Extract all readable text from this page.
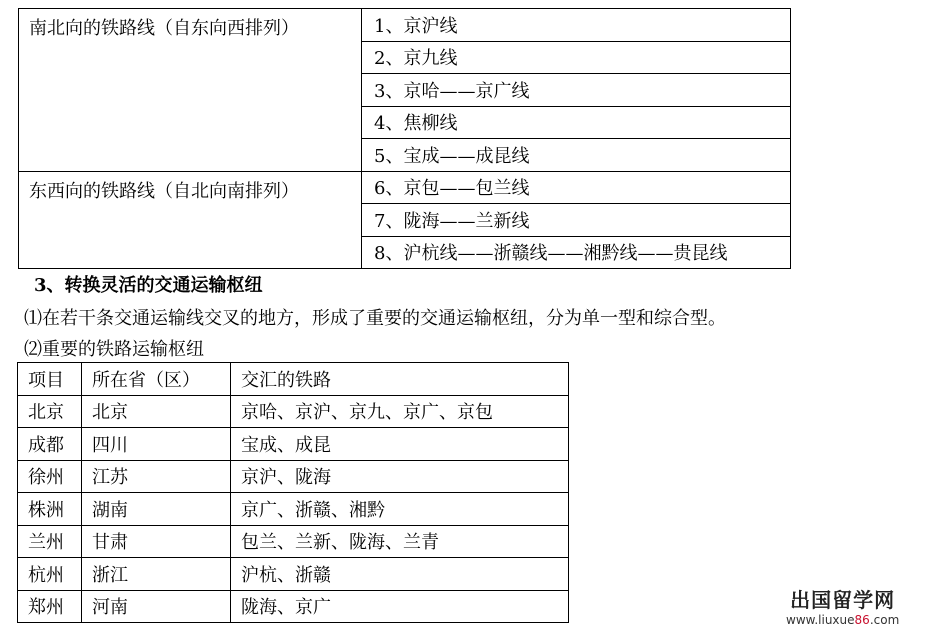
南北向的铁路线（自东向西排列）	1、京沪线
	2、京九线
	3、京哈——京广线
	4、焦柳线
	5、宝成——成昆线
东西向的铁路线（自北向南排列）	6、京包——包兰线
	7、陇海——兰新线
	8、沪杭线——浙赣线——湘黔线——贵昆线
3、转换灵活的交通运输枢纽
⑴在若干条交通运输线交叉的地方，形成了重要的交通运输枢纽，分为单一型和综合型。
⑵重要的铁路运输枢纽
项目	所在省（区）	交汇的铁路
北京	北京	京哈、京沪、京九、京广、京包
成都	四川	宝成、成昆
徐州	江苏	京沪、陇海
株洲	湖南	京广、浙赣、湘黔
兰州	甘肃	包兰、兰新、陇海、兰青
杭州	浙江	沪杭、浙赣
郑州	河南	陇海、京广	出国留学网
www.liuxue86.com
